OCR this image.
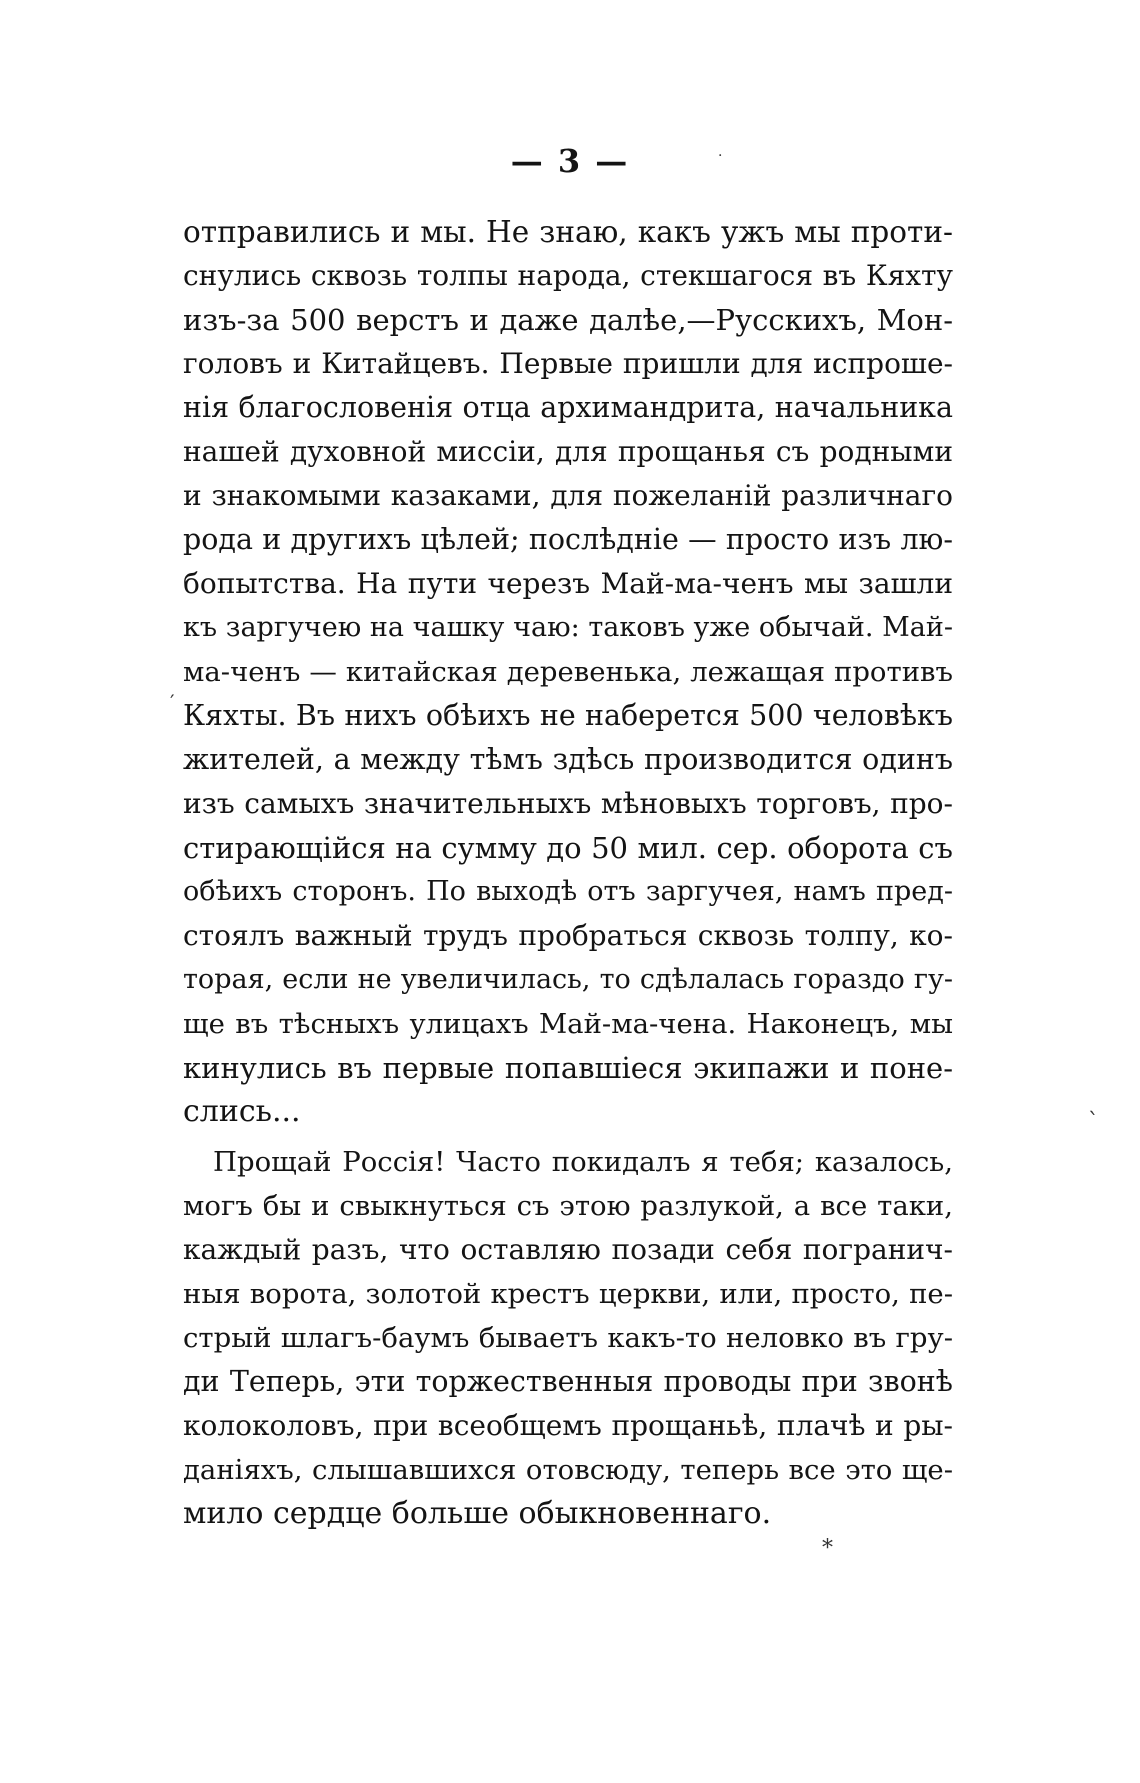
— 3 —
отправились и мы. Не знаю, какъ ужъ мы проти-
снулись сквозь толпы народа, стекшагося въ Кяхту
изъ-за 500 верстъ и даже далѣе,—Русскихъ, Мон-
головъ и Китайцевъ. Первые пришли для испроше-
нія благословенія отца архимандрита, начальника
нашей духовной миссіи, для прощанья съ родными
и знакомыми казаками, для пожеланій различнаго
рода и другихъ цѣлей; послѣдніе — просто изъ лю-
бопытства. На пути черезъ Май-ма-ченъ мы зашли
къ заргучею на чашку чаю: таковъ уже обычай. Май-
ма-ченъ — китайская деревенька, лежащая противъ
Кяхты. Въ нихъ обѣихъ не наберется 500 человѣкъ
жителей, а между тѣмъ здѣсь производится одинъ
изъ самыхъ значительныхъ мѣновыхъ торговъ, про-
стирающійся на сумму до 50 мил. сер. оборота съ
обѣихъ сторонъ. По выходѣ отъ заргучея, намъ пред-
стоялъ важный трудъ пробраться сквозь толпу, ко-
торая, если не увеличилась, то сдѣлалась гораздо гу-
ще въ тѣсныхъ улицахъ Май-ма-чена. Наконецъ, мы
кинулись въ первые попавшіеся экипажи и поне-
слись...
Прощай Россія! Часто покидалъ я тебя; казалось,
могъ бы и свыкнуться съ этою разлукой, а все таки,
каждый разъ, что оставляю позади себя погранич-
ныя ворота, золотой крестъ церкви, или, просто, пе-
стрый шлагъ-баумъ бываетъ какъ-то неловко въ гру-
ди Теперь, эти торжественныя проводы при звонѣ
колоколовъ, при всеобщемъ прощаньѣ, плачѣ и ры-
даніяхъ, слышавшихся отовсюду, теперь все это щe-
мило сердце больше обыкновеннаго.
·
′
`
*
